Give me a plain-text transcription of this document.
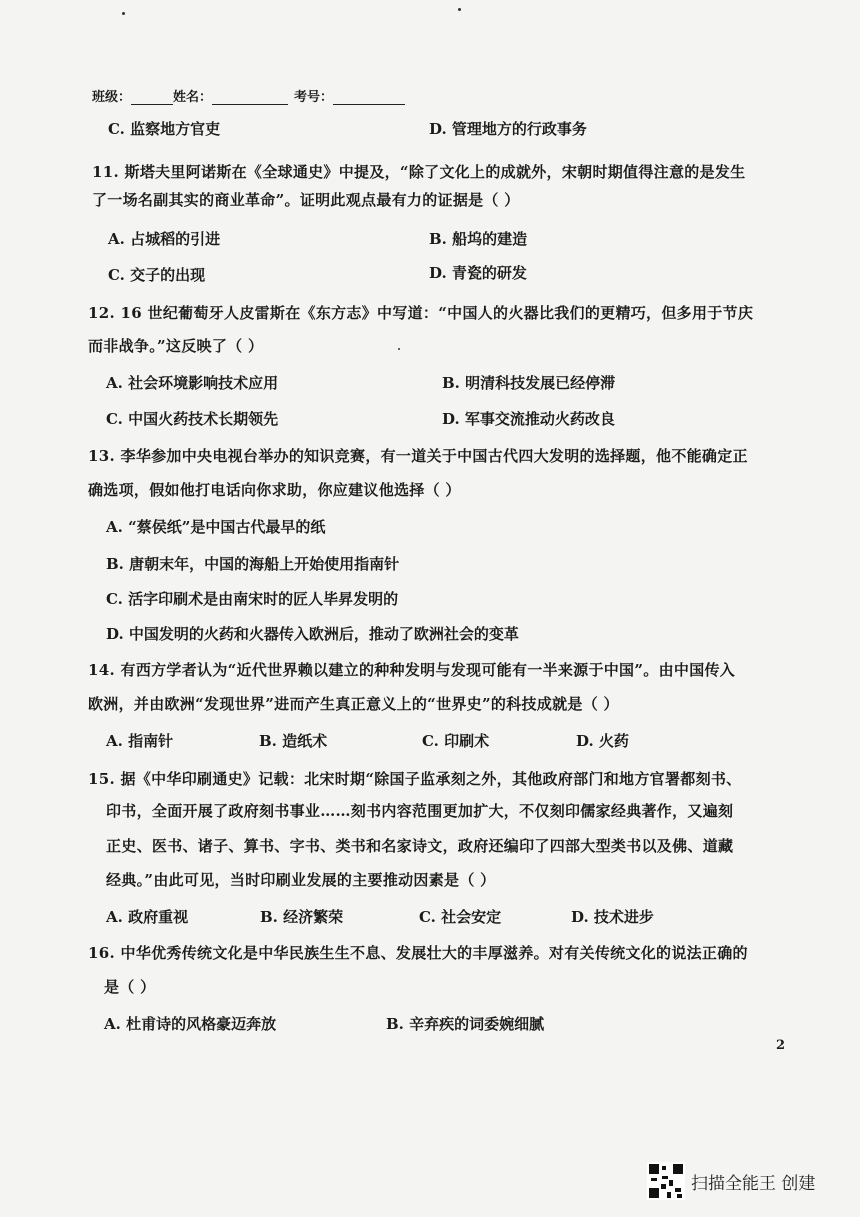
班级：	姓名：	考号：
C. 监察地方官吏	D. 管理地方的行政事务
11. 斯塔夫里阿诺斯在《全球通史》中提及，“除了文化上的成就外，宋朝时期值得注意的是发生
了一场名副其实的商业革命”。证明此观点最有力的证据是（ ）
A. 占城稻的引进	B. 船坞的建造
C. 交子的出现	D. 青瓷的研发
12. 16 世纪葡萄牙人皮雷斯在《东方志》中写道：“中国人的火器比我们的更精巧，但多用于节庆
而非战争。”这反映了（ ）
A. 社会环境影响技术应用	B. 明清科技发展已经停滞
C. 中国火药技术长期领先	D. 军事交流推动火药改良
13. 李华参加中央电视台举办的知识竞赛，有一道关于中国古代四大发明的选择题，他不能确定正
确选项，假如他打电话向你求助，你应建议他选择（ ）
A. “蔡侯纸”是中国古代最早的纸
B. 唐朝末年，中国的海船上开始使用指南针
C. 活字印刷术是由南宋时的匠人毕昇发明的
D. 中国发明的火药和火器传入欧洲后，推动了欧洲社会的变革
14. 有西方学者认为“近代世界赖以建立的种种发明与发现可能有一半来源于中国”。由中国传入
欧洲，并由欧洲“发现世界”进而产生真正意义上的“世界史”的科技成就是（ ）
A. 指南针	B. 造纸术	C. 印刷术	D. 火药
15. 据《中华印刷通史》记载：北宋时期“除国子监承刻之外，其他政府部门和地方官署都刻书、
印书，全面开展了政府刻书事业……刻书内容范围更加扩大，不仅刻印儒家经典著作，又遍刻
正史、医书、诸子、算书、字书、类书和名家诗文，政府还编印了四部大型类书以及佛、道藏
经典。”由此可见，当时印刷业发展的主要推动因素是（ ）
A. 政府重视	B. 经济繁荣	C. 社会安定	D. 技术进步
16. 中华优秀传统文化是中华民族生生不息、发展壮大的丰厚滋养。对有关传统文化的说法正确的
是（ ）
A. 杜甫诗的风格豪迈奔放	B. 辛弃疾的词委婉细腻
2
扫描全能王 创建
